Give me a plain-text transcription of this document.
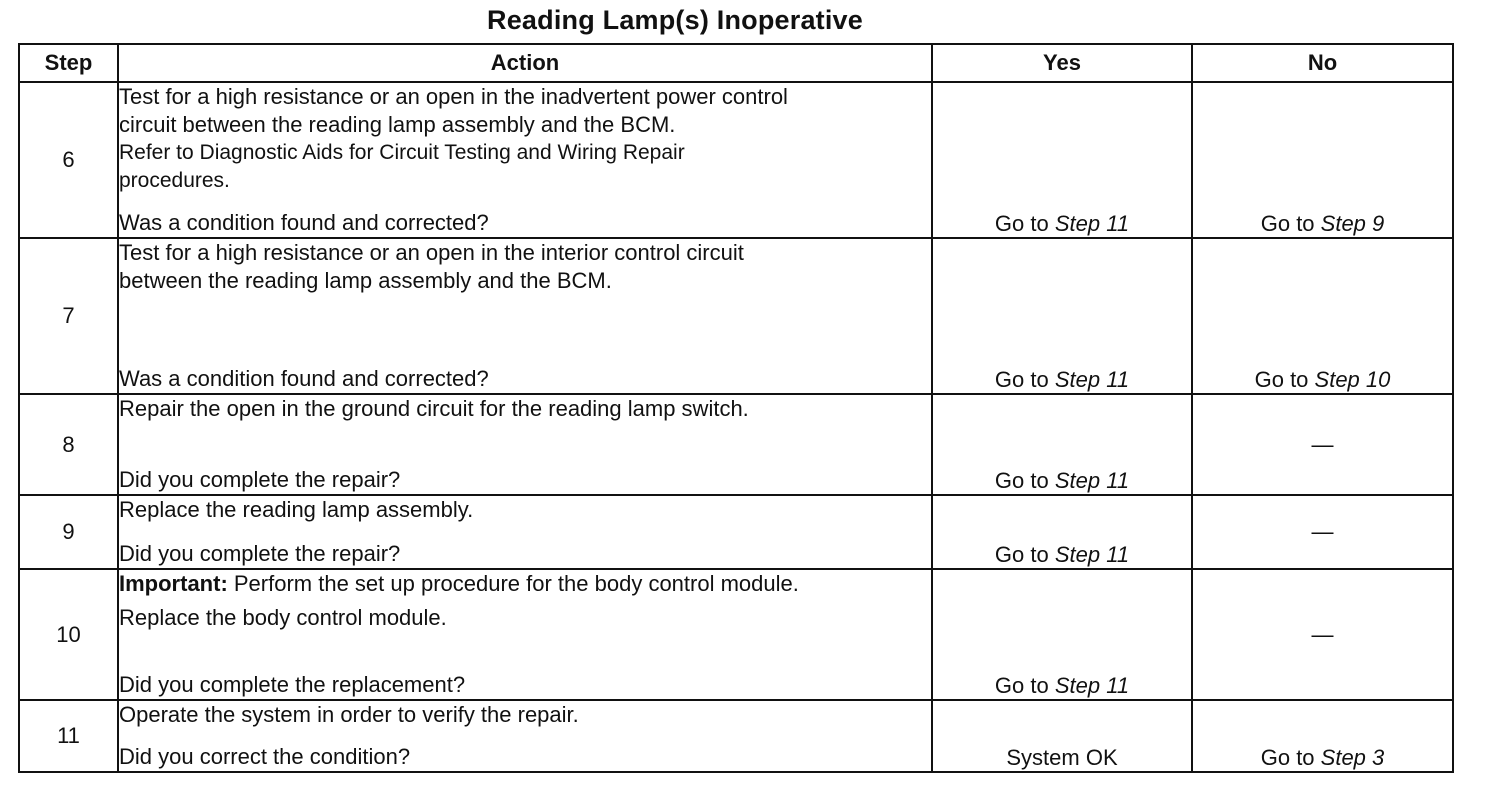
Reading Lamp(s) Inoperative
Step	Action	Yes	No
6	Test for a high resistance or an open in the inadvertent power control
circuit between the reading lamp assembly and the BCM.
Refer to Diagnostic Aids for Circuit Testing and Wiring Repair
procedures.
Was a condition found and corrected?	Go to Step 11	Go to Step 9
7	Test for a high resistance or an open in the interior control circuit
between the reading lamp assembly and the BCM.
Was a condition found and corrected?	Go to Step 11	Go to Step 10
8	Repair the open in the ground circuit for the reading lamp switch.
Did you complete the repair?	Go to Step 11	—
9	Replace the reading lamp assembly.
Did you complete the repair?	Go to Step 11	—
10	Important: Perform the set up procedure for the body control module.
Replace the body control module.
Did you complete the replacement?	Go to Step 11	—
11	Operate the system in order to verify the repair.
Did you correct the condition?	System OK	Go to Step 3
